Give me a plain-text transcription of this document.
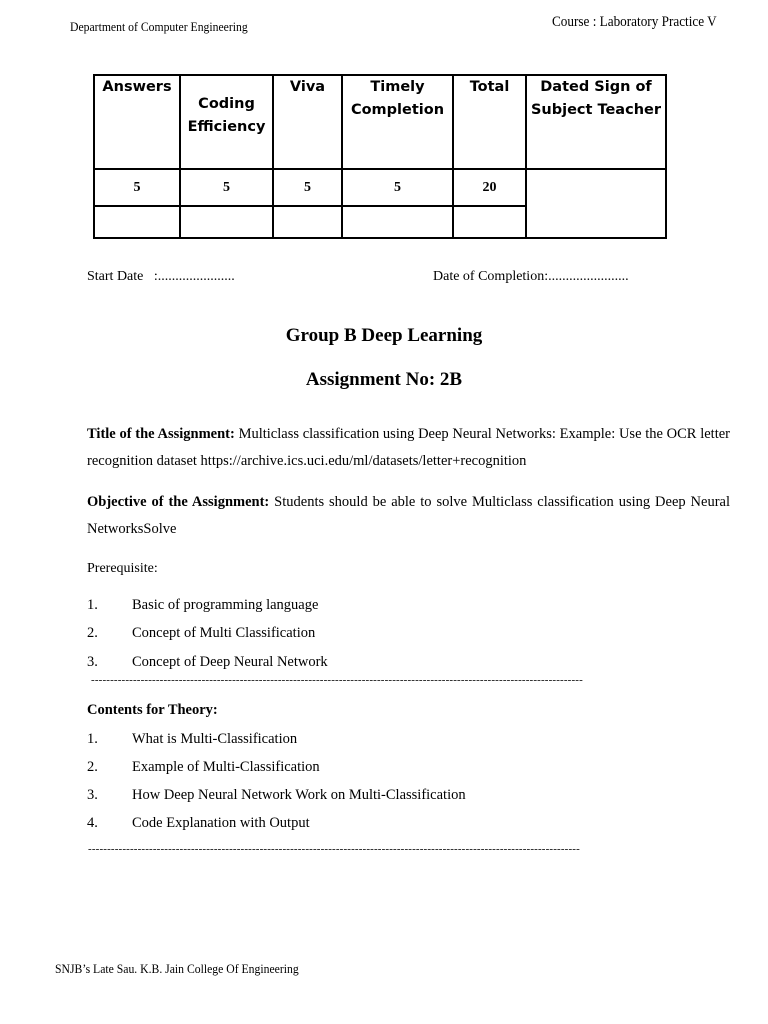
Department of Computer Engineering	Course : Laboratory Practice V
Answers	Coding Efficiency	Viva	Timely Completion	Total	Dated Sign of Subject Teacher
5	5	5	5	20	

Start Date   :......................	Date of Completion:.......................
Group B Deep Learning
Assignment No: 2B
Title of the Assignment: Multiclass classification using Deep Neural Networks: Example: Use the OCR letter recognition dataset https://archive.ics.uci.edu/ml/datasets/letter+recognition
Objective of the Assignment: Students should be able to solve Multiclass classification using Deep Neural NetworksSolve
Prerequisite:
1. Basic of programming language
2. Concept of Multi Classification
3. Concept of Deep Neural Network
---------------------------------------------------------------------------------------------------------------------------------
Contents for Theory:
1. What is Multi-Classification
2. Example of Multi-Classification
3. How Deep Neural Network Work on Multi-Classification
4. Code Explanation with Output
---------------------------------------------------------------------------------------------------------------------------------
SNJB’s Late Sau. K.B. Jain College Of Engineering
